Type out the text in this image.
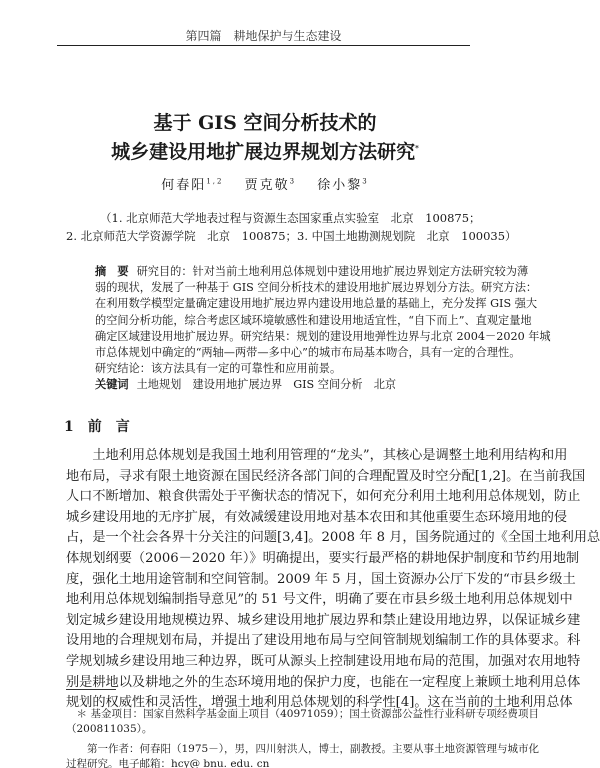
第四篇　耕地保护与生态建设
基于 GIS 空间分析技术的
城乡建设用地扩展边界规划方法研究*
何春阳$^{1,2}$　 贾克敬$^3$　 徐小黎$^3$
（1. 北京师范大学地表过程与资源生态国家重点实验室　北京　100875；
2. 北京师范大学资源学院　北京　100875；3. 中国土地勘测规划院　北京　100035）
摘　要 研究目的：针对当前土地利用总体规划中建设用地扩展边界划定方法研究较为薄
弱的现状，发展了一种基于 GIS 空间分析技术的建设用地扩展边界划分方法。研究方法：
在利用数学模型定量确定建设用地扩展边界内建设用地总量的基础上，充分发挥 GIS 强大
的空间分析功能，综合考虑区域环境敏感性和建设用地适宜性，“自下而上”、直观定量地
确定区域建设用地扩展边界。研究结果：规划的建设用地弹性边界与北京 2004－2020 年城
市总体规划中确定的“两轴—两带—多中心”的城市布局基本吻合，具有一定的合理性。
研究结论：该方法具有一定的可靠性和应用前景。
关键词 土地规划　建设用地扩展边界　GIS 空间分析　北京
　　土地利用总体规划是我国土地利用管理的“龙头”，其核心是调整土地利用结构和用
地布局，寻求有限土地资源在国民经济各部门间的合理配置及时空分配[1,2]。在当前我国
人口不断增加、粮食供需处于平衡状态的情况下，如何充分利用土地利用总体规划，防止
城乡建设用地的无序扩展，有效减缓建设用地对基本农田和其他重要生态环境用地的侵
占，是一个社会各界十分关注的问题[3,4]。2008 年 8 月，国务院通过的《全国土地利用总
体规划纲要（2006－2020 年）》明确提出，要实行最严格的耕地保护制度和节约用地制
度，强化土地用途管制和空间管制。2009 年 5 月，国土资源办公厅下发的“市县乡级土
地利用总体规划编制指导意见”的 51 号文件，明确了要在市县乡级土地利用总体规划中
划定城乡建设用地规模边界、城乡建设用地扩展边界和禁止建设用地边界，以保证城乡建
设用地的合理规划布局，并提出了建设用地布局与空间管制规划编制工作的具体要求。科
学规划城乡建设用地三种边界，既可从源头上控制建设用地布局的范围，加强对农用地特
别是耕地以及耕地之外的生态环境用地的保护力度，也能在一定程度上兼顾土地利用总体
规划的权威性和灵活性，增强土地利用总体规划的科学性[4]。这在当前的土地利用总体
1　前　言
　＊ 基金项目：国家自然科学基金面上项目（40971059）；国土资源部公益性行业科研专项经费项目
（200811035）。
　　第一作者：何春阳（1975－），男，四川射洪人，博士，副教授。主要从事土地资源管理与城市化
过程研究。电子邮箱：hcy@ bnu. edu. cn
